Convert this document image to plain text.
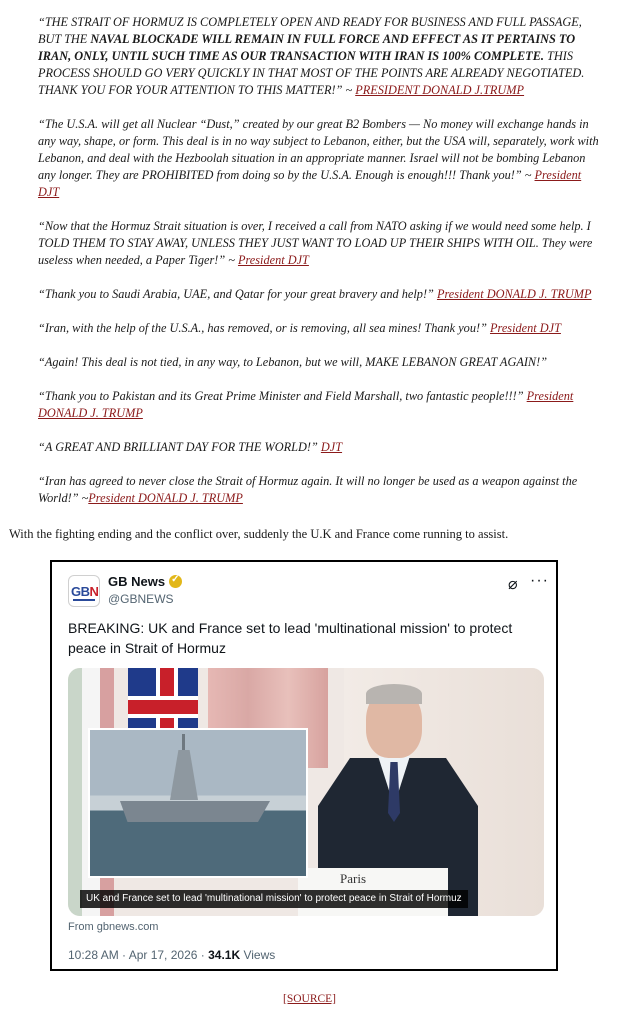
“THE STRAIT OF HORMUZ IS COMPLETELY OPEN AND READY FOR BUSINESS AND FULL PASSAGE, BUT THE NAVAL BLOCKADE WILL REMAIN IN FULL FORCE AND EFFECT AS IT PERTAINS TO IRAN, ONLY, UNTIL SUCH TIME AS OUR TRANSACTION WITH IRAN IS 100% COMPLETE. THIS PROCESS SHOULD GO VERY QUICKLY IN THAT MOST OF THE POINTS ARE ALREADY NEGOTIATED. THANK YOU FOR YOUR ATTENTION TO THIS MATTER!” ~ PRESIDENT DONALD J.TRUMP

“The U.S.A. will get all Nuclear “Dust,” created by our great B2 Bombers — No money will exchange hands in any way, shape, or form. This deal is in no way subject to Lebanon, either, but the USA will, separately, work with Lebanon, and deal with the Hezboolah situation in an appropriate manner. Israel will not be bombing Lebanon any longer. They are PROHIBITED from doing so by the U.S.A. Enough is enough!!! Thank you!” ~ President DJT

“Now that the Hormuz Strait situation is over, I received a call from NATO asking if we would need some help. I TOLD THEM TO STAY AWAY, UNLESS THEY JUST WANT TO LOAD UP THEIR SHIPS WITH OIL. They were useless when needed, a Paper Tiger!” ~ President DJT

“Thank you to Saudi Arabia, UAE, and Qatar for your great bravery and help!” President DONALD J. TRUMP

“Iran, with the help of the U.S.A., has removed, or is removing, all sea mines! Thank you!” President DJT

“Again! This deal is not tied, in any way, to Lebanon, but we will, MAKE LEBANON GREAT AGAIN!”

“Thank you to Pakistan and its Great Prime Minister and Field Marshall, two fantastic people!!!” President DONALD J. TRUMP

“A GREAT AND BRILLIANT DAY FOR THE WORLD!” DJT

“Iran has agreed to never close the Strait of Hormuz again. It will no longer be used as a weapon against the World!” ~President DONALD J. TRUMP

With the fighting ending and the conflict over, suddenly the U.K and France come running to assist.
GBN
GB News✓
@GBNEWS
⌀ ···
BREAKING: UK and France set to lead 'multinational mission' to protect peace in Strait of Hormuz
Paris
UK and France set to lead 'multinational mission' to protect peace in Strait of Hormuz
From gbnews.com
10:28 AM · Apr 17, 2026 · 34.1K Views
[SOURCE]
